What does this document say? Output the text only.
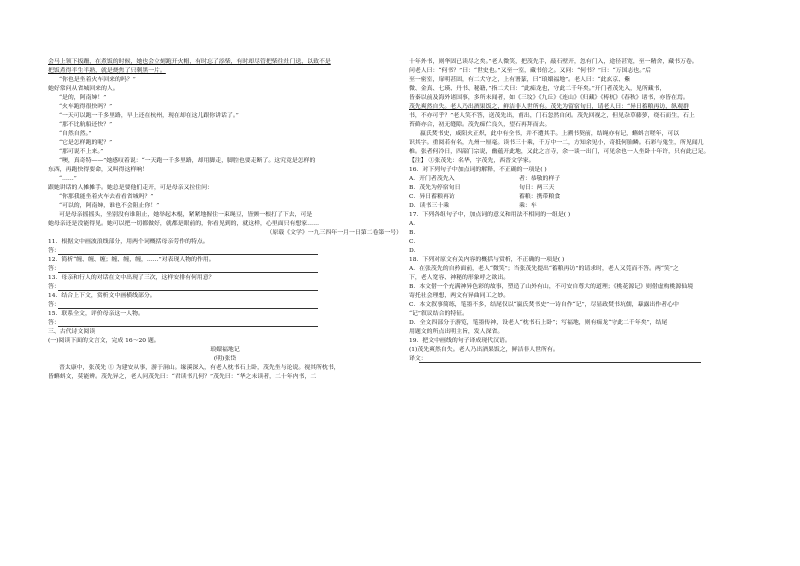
会马上领下扳跚，在煮饭的时候，她也会立刻跑开火帽，有时忘了添柴，有时却尽管把柴往灶门送，以致不是
把饭煮得半生半熟，就是烧焦了只剩黑一片。
“你也是坐着火车回来的吗？”
她好常问从省城回来的人。
“是的，阿南婶！”
“火车跑得很快吗？”
“一天可以跑一千多里路，早上还在杭州，现在却在这儿跟你讲话了。”
“那不比航船还快？”
“自然自然。”
“它是怎样跑的呢？”
“那可说不上来。”
“噢，真奇特——”她感叹着说：“一天跑一千多里路，却用脚走，脚腔也要走断了。这究竟是怎样的
东西，再跑快得要命，又叫得这样响！
“……”
跟她讲话的人摊摊手。她总是要他们走开，可是母亲又拉住问：
“你那我能坐着火车去看看省城吗？”
“可以的，阿南婶，谁也不会阻止你！”
可是母亲摇摇头，坐别没有谁阻止，她举起木棍，紧紧地握住一束绳豆，皆颤一根打了下去，可是
她母亲还是没能得见。她可以把一切都做好，就都是眼前的，你看见到的，就这样，心里面只有想家……
（原载《文学》一九三四年一月一日第二卷第一号）
11．根据文中画波浪线部分，用两个词概括母亲劳作的特点。
答：
12．简析“缠、缠、缠；缠、缠，缠，……”对表现人物的作用。
答：
13．母亲和行人的对话在文中出现了三次，这样安排有何用意？
答：
14．结合上下文，赏析文中画横线部分。
答：
15．联系全文，评价母亲这一人物。
答：
三、古代诗文阅读
(一)阅读下面的文言文，完成 16～20 题。
琅嬛福地记
(明)张岱
晋太康中，张茂先 ① 为建安从事，游于洞山。缘溪深入，有老人枕书石上卧，茂先坐与论说。视其所枕书，
皆蝌蚪文，莫能辨。茂先异之，老人问茂先曰：“君读书几何？”茂先曰：“华之未读者，二十年内书，二
十年外书，则华固已读尽之矣。”老人微笑，把茂先手，敲石壁开，忽有门入，途径甚宽，至一精舍，藏书万卷。
问老人曰：“何书？”曰：“世史也。”又至一室，藏书倍之。又问：“何书？”曰：“万国志也。”后
至一密室，扉明甚固，有二犬守之，上有署篆，曰“琅嬛福地”。老人曰：“此玄京、紫
微、金真、七瑛、丹书、秘籍，”指二犬曰：“此痴龙也，守此二千年矣。”开门者茂先入，见所藏书，
皆秦以前及海外诸国事，多所未闻者，如《三坟》《九丘》《连山》《归藏》《梼杌》《春秋》诸书，亦皆在焉。
茂先爽然自失。老人乃出酒果饭之，鲜洁非人世所有。茂先为留宿旬日，请老人曰：“异日蓄粮再访，纵观群
书，不亦可乎？”老人笑不答，送茂先出，甫出，门石忽然自闭。茂先回视之，但见杂草藤萝，绕石而生，石上
苔藓亦合，初无缝隙。茂先痴伫良久，望石再拜而去。
嬴氏焚书史，咸阳火正炽，此中有全书，并不遭其手。上溯书契前，结绳亦有记，蝌蚪言嗟年，可以
识其字。重阅若有名，九州一厘毫。读书三十乘，千万中一二，方知余见小，奇抵何胎鳞。石彩与鬼生，所见闻几
椎。张者何冷日，四韶门宗说，幽蕴开此地，又此之言寺，余一谈一出门，可见余也一人坐卧十年许，只有此已足。
【注】 ①张茂先：名华，字茂先，西晋文学家。
16．对下列句子中加点词的解释，不正确的一项是( )
A．开门者茂先入	者：恭敬的样子
B．茂先为停宿旬日	旬日：两三天
C．异日蓄粮再访	蓄粮：携带粮食
D．读书三十乘	乘：车
17．下列各组句子中，加点词的意义和用法不相同的一组是( )
A．
B．
C．
D．
18．下列对原文有关内容的概括与赏析，不正确的一项是( )
A．在张茂先的自矜面前，老人“微笑”；当张茂先提出“蓄粮再访”的请求时，老人又莞而不答。两“笑”之
下，老人宽容、神秘的形象呼之欲出。
B．本文借一个充满神异色彩的故事，塑造了山外有山，不可安自尊大的道理；《桃花源记》则借虚构桃源仙境
寄托社会理想，两文有异曲同工之妙。
C．本文叙事简练，笔墨不多，结尾仅以“嬴氏焚书史”一诗自作“记”，尽显政焚书坑儒，暴露出作者心中
“记”叙议结合的特征。
D．全文四部分于游览，笔墨传神，设老人“枕书石上卧”；写福地，则有痴龙“守此二千年矣”，结尾
用题文的所点出明主旨，发人深省。
19．把文中画线的句子译成现代汉语。
(1)茂先爽然自失。老人乃出酒果饭之，鲜洁非人世所有。
译文：
